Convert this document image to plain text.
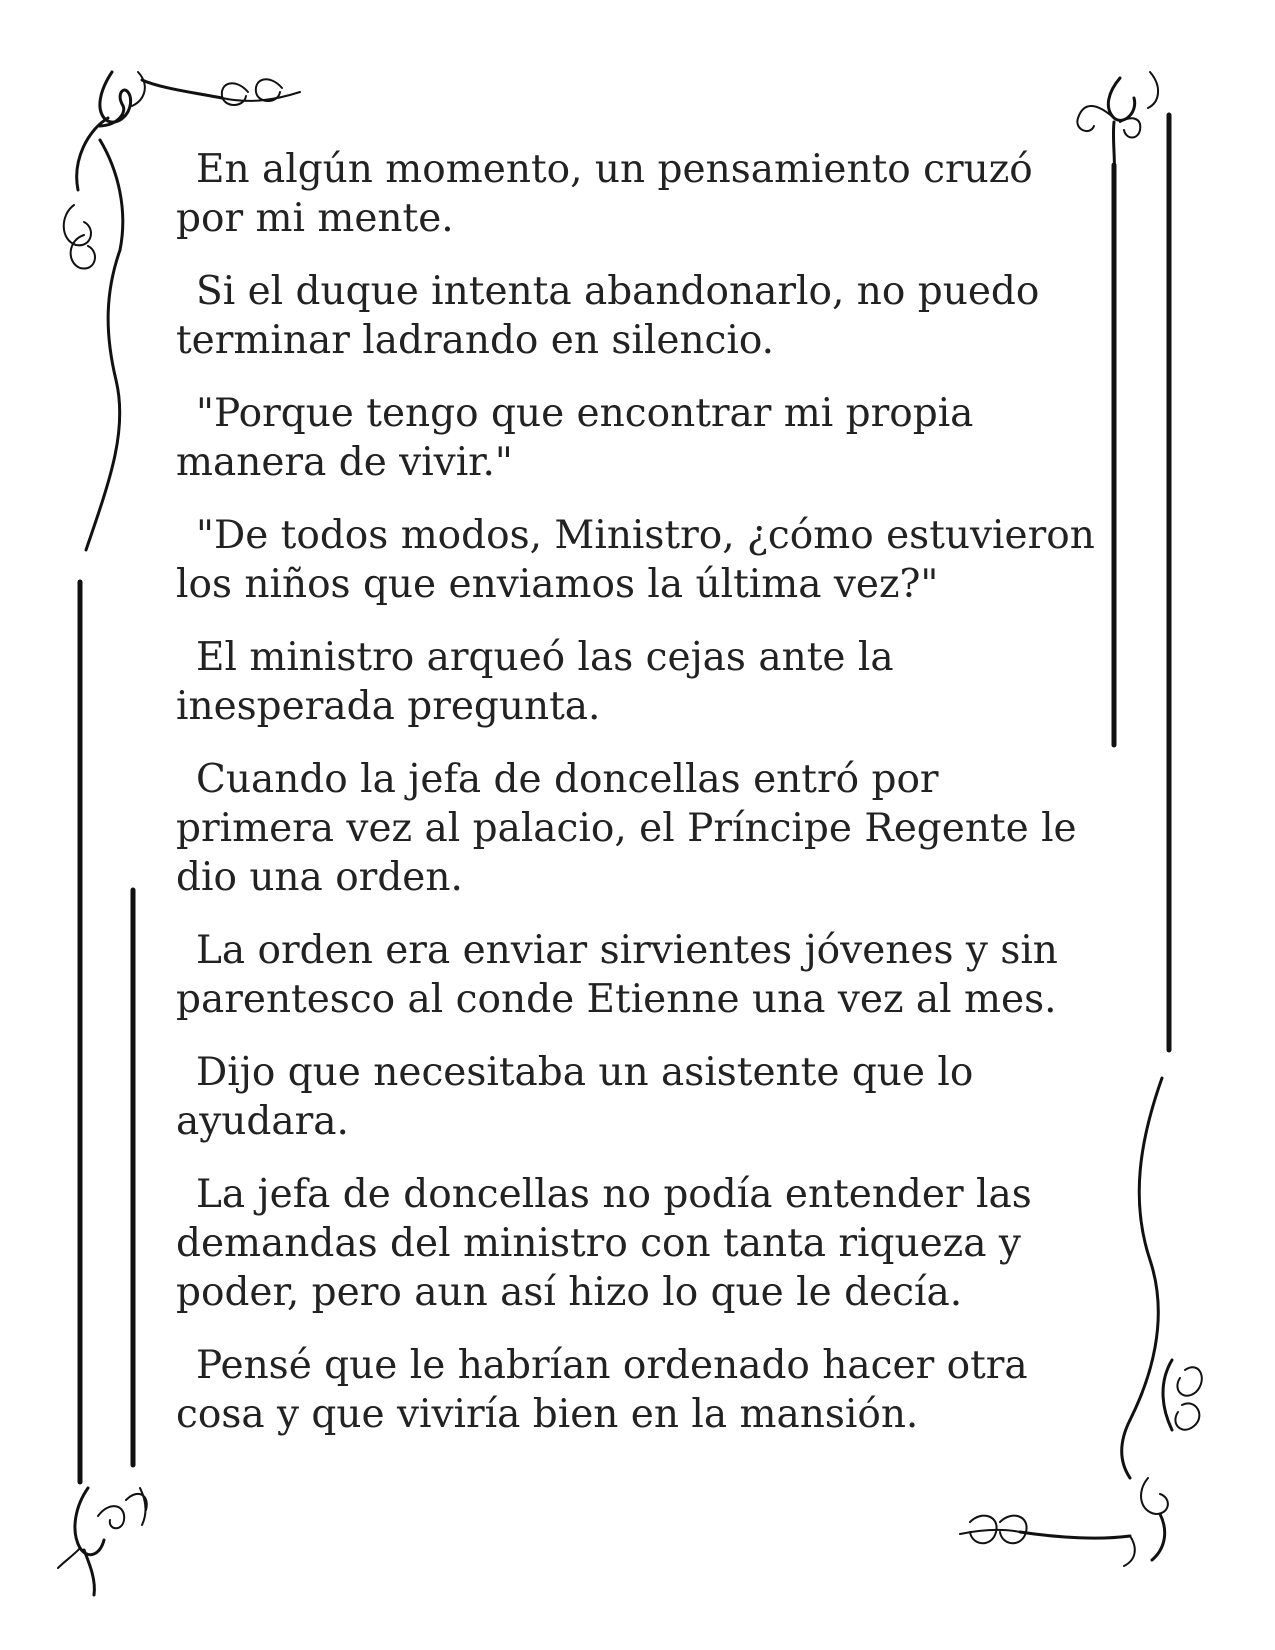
En algún momento, un pensamiento cruzó por mi mente.

Si el duque intenta abandonarlo, no puedo terminar ladrando en silencio.

"Porque tengo que encontrar mi propia manera de vivir."

"De todos modos, Ministro, ¿cómo estuvieron los niños que enviamos la última vez?"

El ministro arqueó las cejas ante la inesperada pregunta.

Cuando la jefa de doncellas entró por primera vez al palacio, el Príncipe Regente le dio una orden.

La orden era enviar sirvientes jóvenes y sin parentesco al conde Etienne una vez al mes.

Dijo que necesitaba un asistente que lo ayudara.

La jefa de doncellas no podía entender las demandas del ministro con tanta riqueza y poder, pero aun así hizo lo que le decía.

Pensé que le habrían ordenado hacer otra cosa y que viviría bien en la mansión.
